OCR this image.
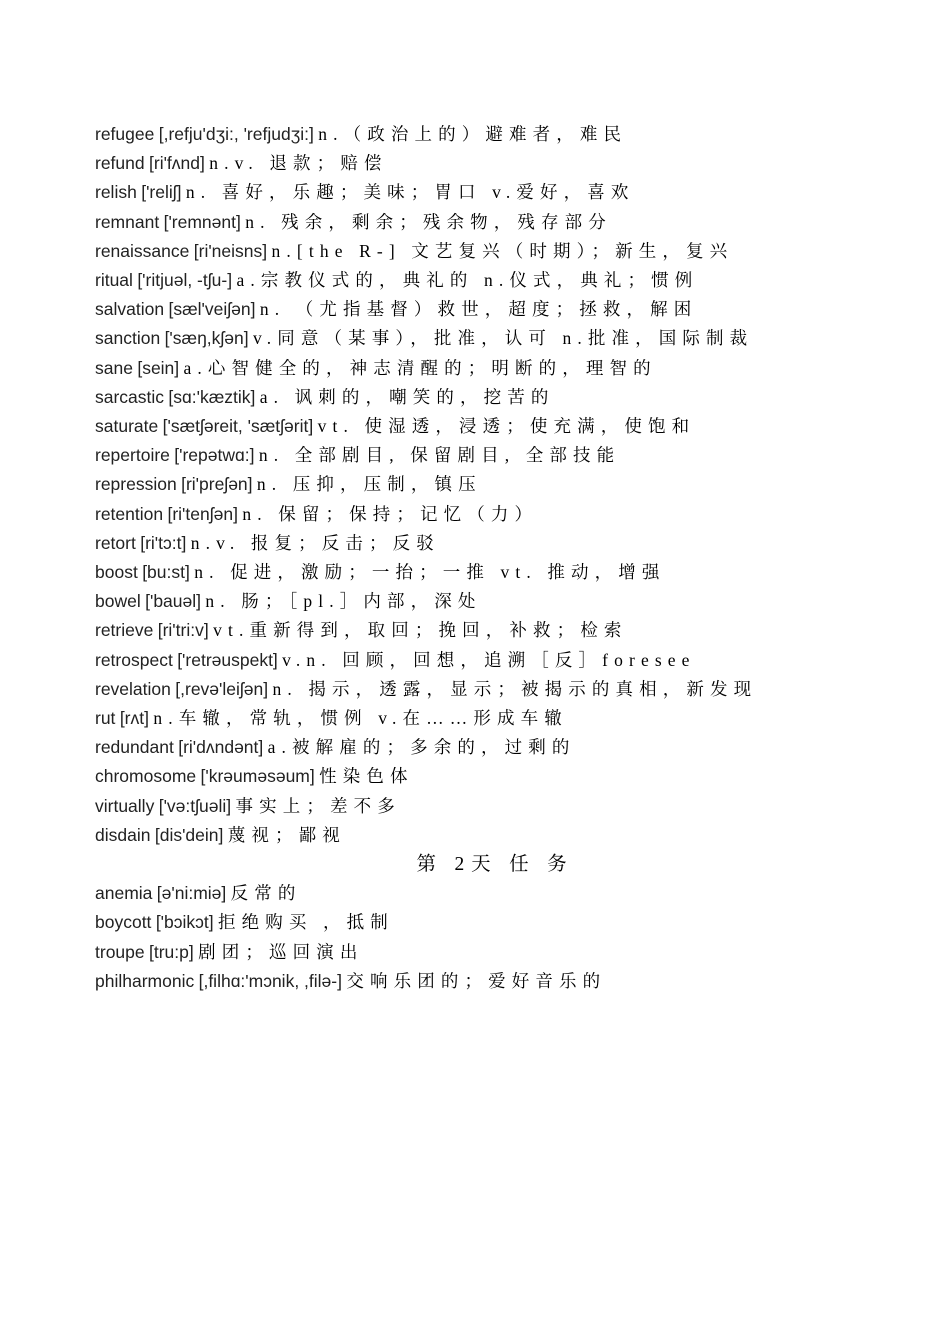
refugee [,refju'dʒi:, 'refjudʒi:] n.（政治上的）避难者，难民
refund [ri'fʌnd] n.v. 退款；赔偿
relish ['reliʃ] n. 喜好，乐趣；美味；胃口 v.爱好，喜欢
remnant ['remnənt] n. 残余，剩余；残余物，残存部分
renaissance [ri'neisns] n.[the R-] 文艺复兴（时期）；新生，复兴
ritual ['ritjuəl, -tʃu-] a.宗教仪式的，典礼的 n.仪式，典礼；惯例
salvation [sæl'veiʃən] n. （尤指基督）救世，超度；拯救，解困
sanction ['sæŋ,kʃən] v.同意（某事），批准，认可 n.批准，国际制裁
sane [sein] a.心智健全的，神志清醒的；明断的，理智的
sarcastic [sɑ:'kæztik] a. 讽刺的，嘲笑的，挖苦的
saturate ['sætʃəreit, 'sætʃərit] vt. 使湿透，浸透；使充满，使饱和
repertoire ['repətwɑ:] n. 全部剧目, 保留剧目, 全部技能
repression [ri'preʃən] n. 压抑，压制，镇压
retention [ri'tenʃən] n. 保留；保持；记忆（力）
retort [ri'tɔ:t] n.v. 报复；反击；反驳
boost [bu:st] n. 促进，激励；一抬；一推 vt. 推动，增强
bowel ['bauəl] n. 肠；［pl.］内部，深处
retrieve [ri'tri:v] vt.重新得到，取回；挽回，补救；检索
retrospect ['retrəuspekt] v.n. 回顾，回想，追溯［反］foresee
revelation [,revə'leiʃən] n. 揭示，透露，显示；被揭示的真相，新发现
rut [rʌt] n.车辙，常轨，惯例 v.在……形成车辙
redundant [ri'dʌndənt] a.被解雇的；多余的，过剩的
chromosome ['krəuməsəum] 性染色体
virtually ['və:tʃuəli] 事实上；差不多
disdain [dis'dein] 蔑视；鄙视
第 2天 任 务
anemia [ə'ni:miə] 反常的
boycott ['bɔikɔt] 拒绝购买 ，抵制
troupe [tru:p] 剧团；巡回演出
philharmonic [,filhɑ:'mɔnik, ,filə-] 交响乐团的；爱好音乐的
